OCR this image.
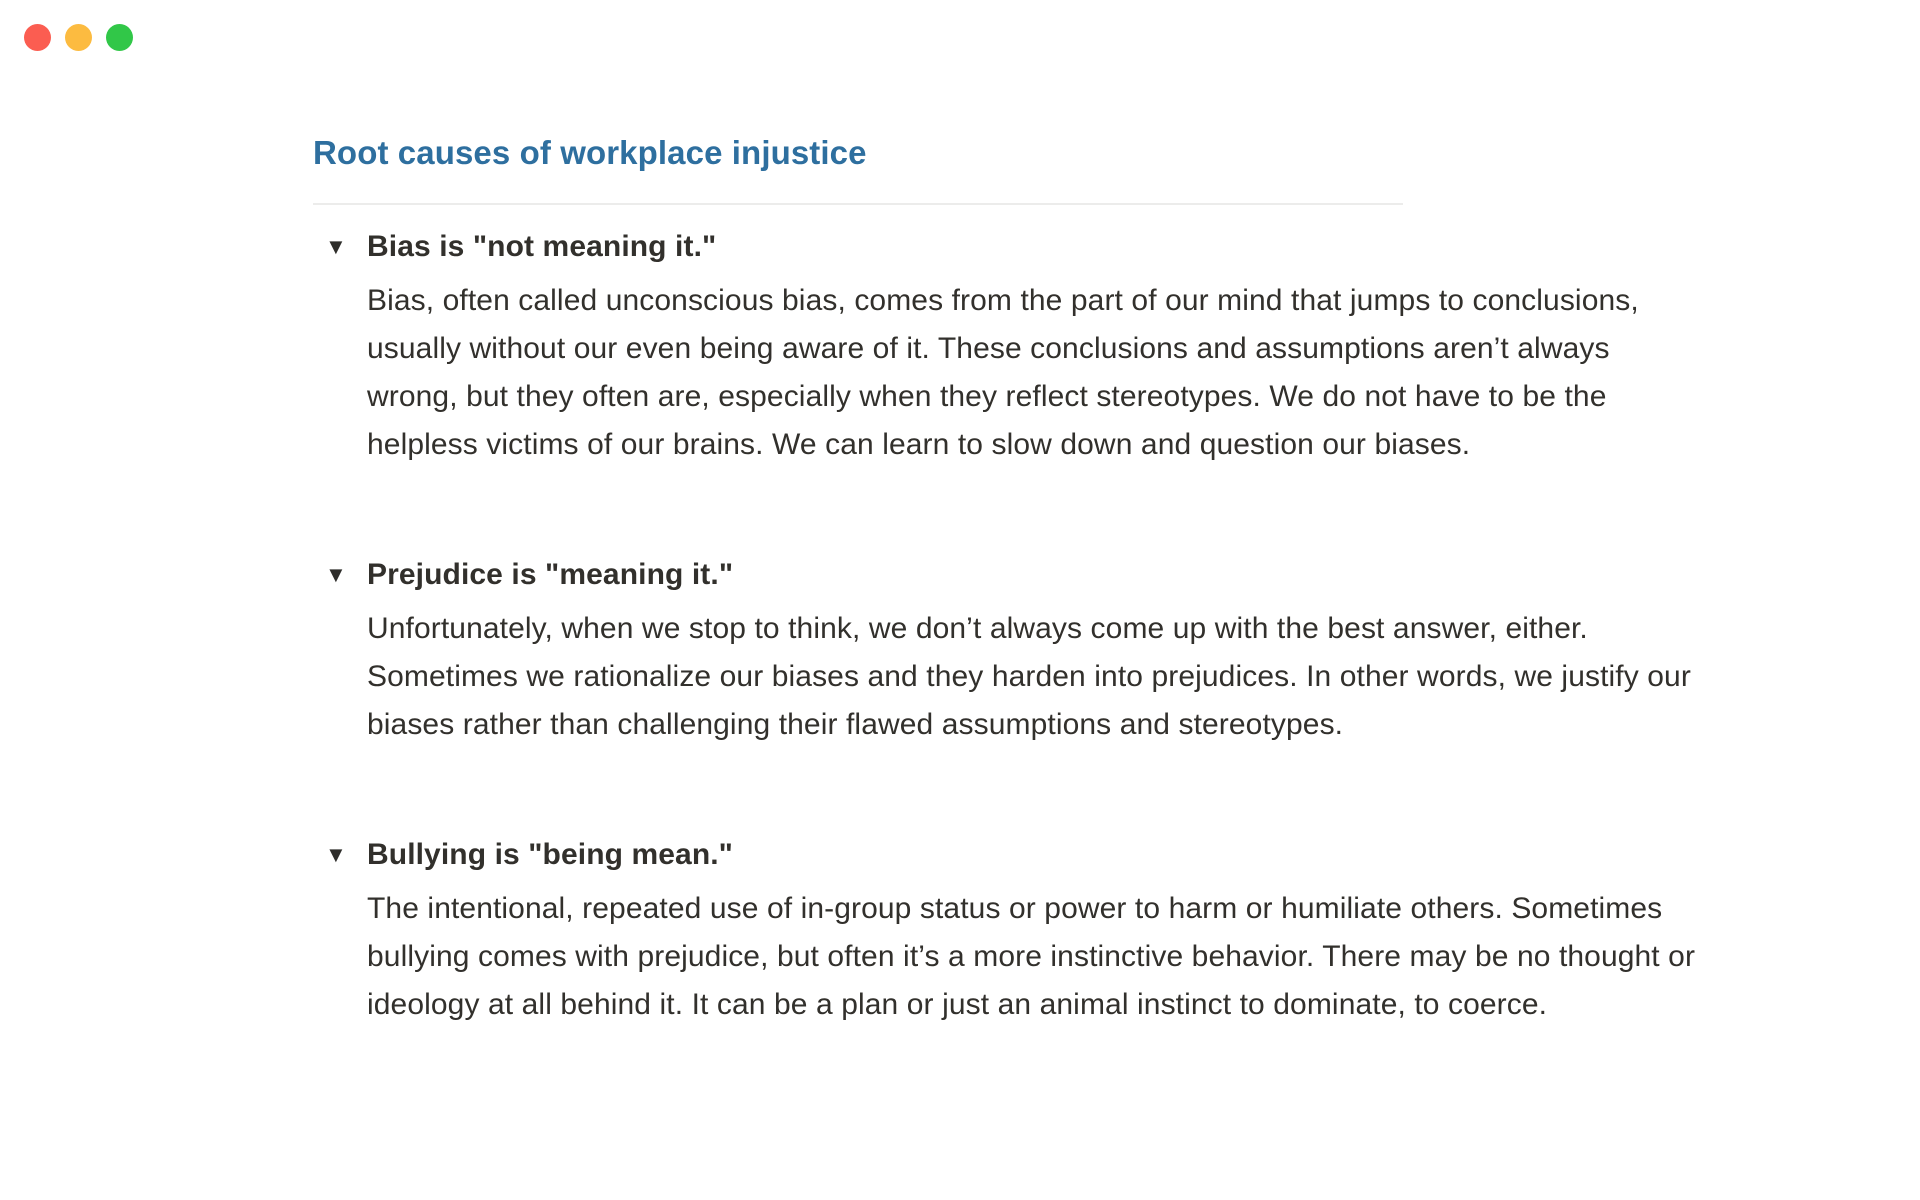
Root causes of workplace injustice
▼ Bias is "not meaning it."
Bias, often called unconscious bias, comes from the part of our mind that jumps to conclusions, usually without our even being aware of it. These conclusions and assumptions aren’t always wrong, but they often are, especially when they reflect stereotypes. We do not have to be the helpless victims of our brains. We can learn to slow down and question our biases.
▼ Prejudice is "meaning it."
Unfortunately, when we stop to think, we don’t always come up with the best answer, either. Sometimes we rationalize our biases and they harden into prejudices. In other words, we justify our biases rather than challenging their flawed assumptions and stereotypes.
▼ Bullying is "being mean."
The intentional, repeated use of in-group status or power to harm or humiliate others. Sometimes bullying comes with prejudice, but often it’s a more instinctive behavior. There may be no thought or ideology at all behind it. It can be a plan or just an animal instinct to dominate, to coerce.
